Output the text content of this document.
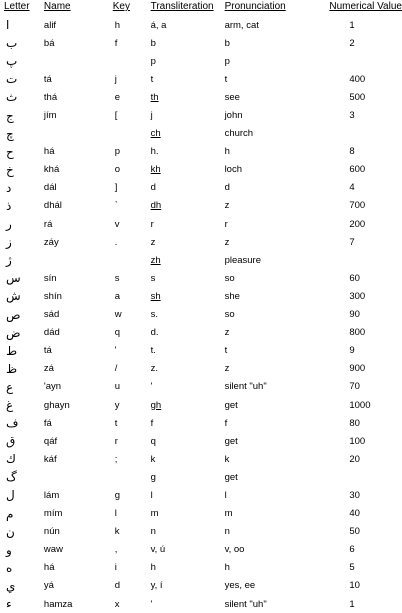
Letter	Name	Key	Transliteration	Pronunciation	Numerical Value
ا	alif	h	á, a	arm, cat	1
ب	bá	f	b	b	2
پ			p	p	
ت	tá	j	t	t	400
ث	thá	e	th	see	500
ج	jím	[	j	john	3
چ			ch	church	
ح	há	p	h.	h	8
خ	khá	o	kh	loch	600
د	dál	]	d	d	4
ذ	dhál	`	dh	z	700
ر	rá	v	r	r	200
ز	záy	.	z	z	7
ژ			zh	pleasure	
س	sín	s	s	so	60
ش	shín	a	sh	she	300
ص	sád	w	s.	so	90
ض	dád	q	d.	z	800
ط	tá	'	t.	t	9
ظ	zá	/	z.	z	900
ع	'ayn	u	'	silent "uh"	70
غ	ghayn	y	gh	get	1000
ف	fá	t	f	f	80
ق	qáf	r	q	get	100
ك	káf	;	k	k	20
گ			g	get	
ل	lám	g	l	l	30
م	mím	l	m	m	40
ن	nún	k	n	n	50
و	waw	,	v, ú	v, oo	6
ه	há	i	h	h	5
ي	yá	d	y, í	yes, ee	10
ء	hamza	x	'	silent "uh"	1
